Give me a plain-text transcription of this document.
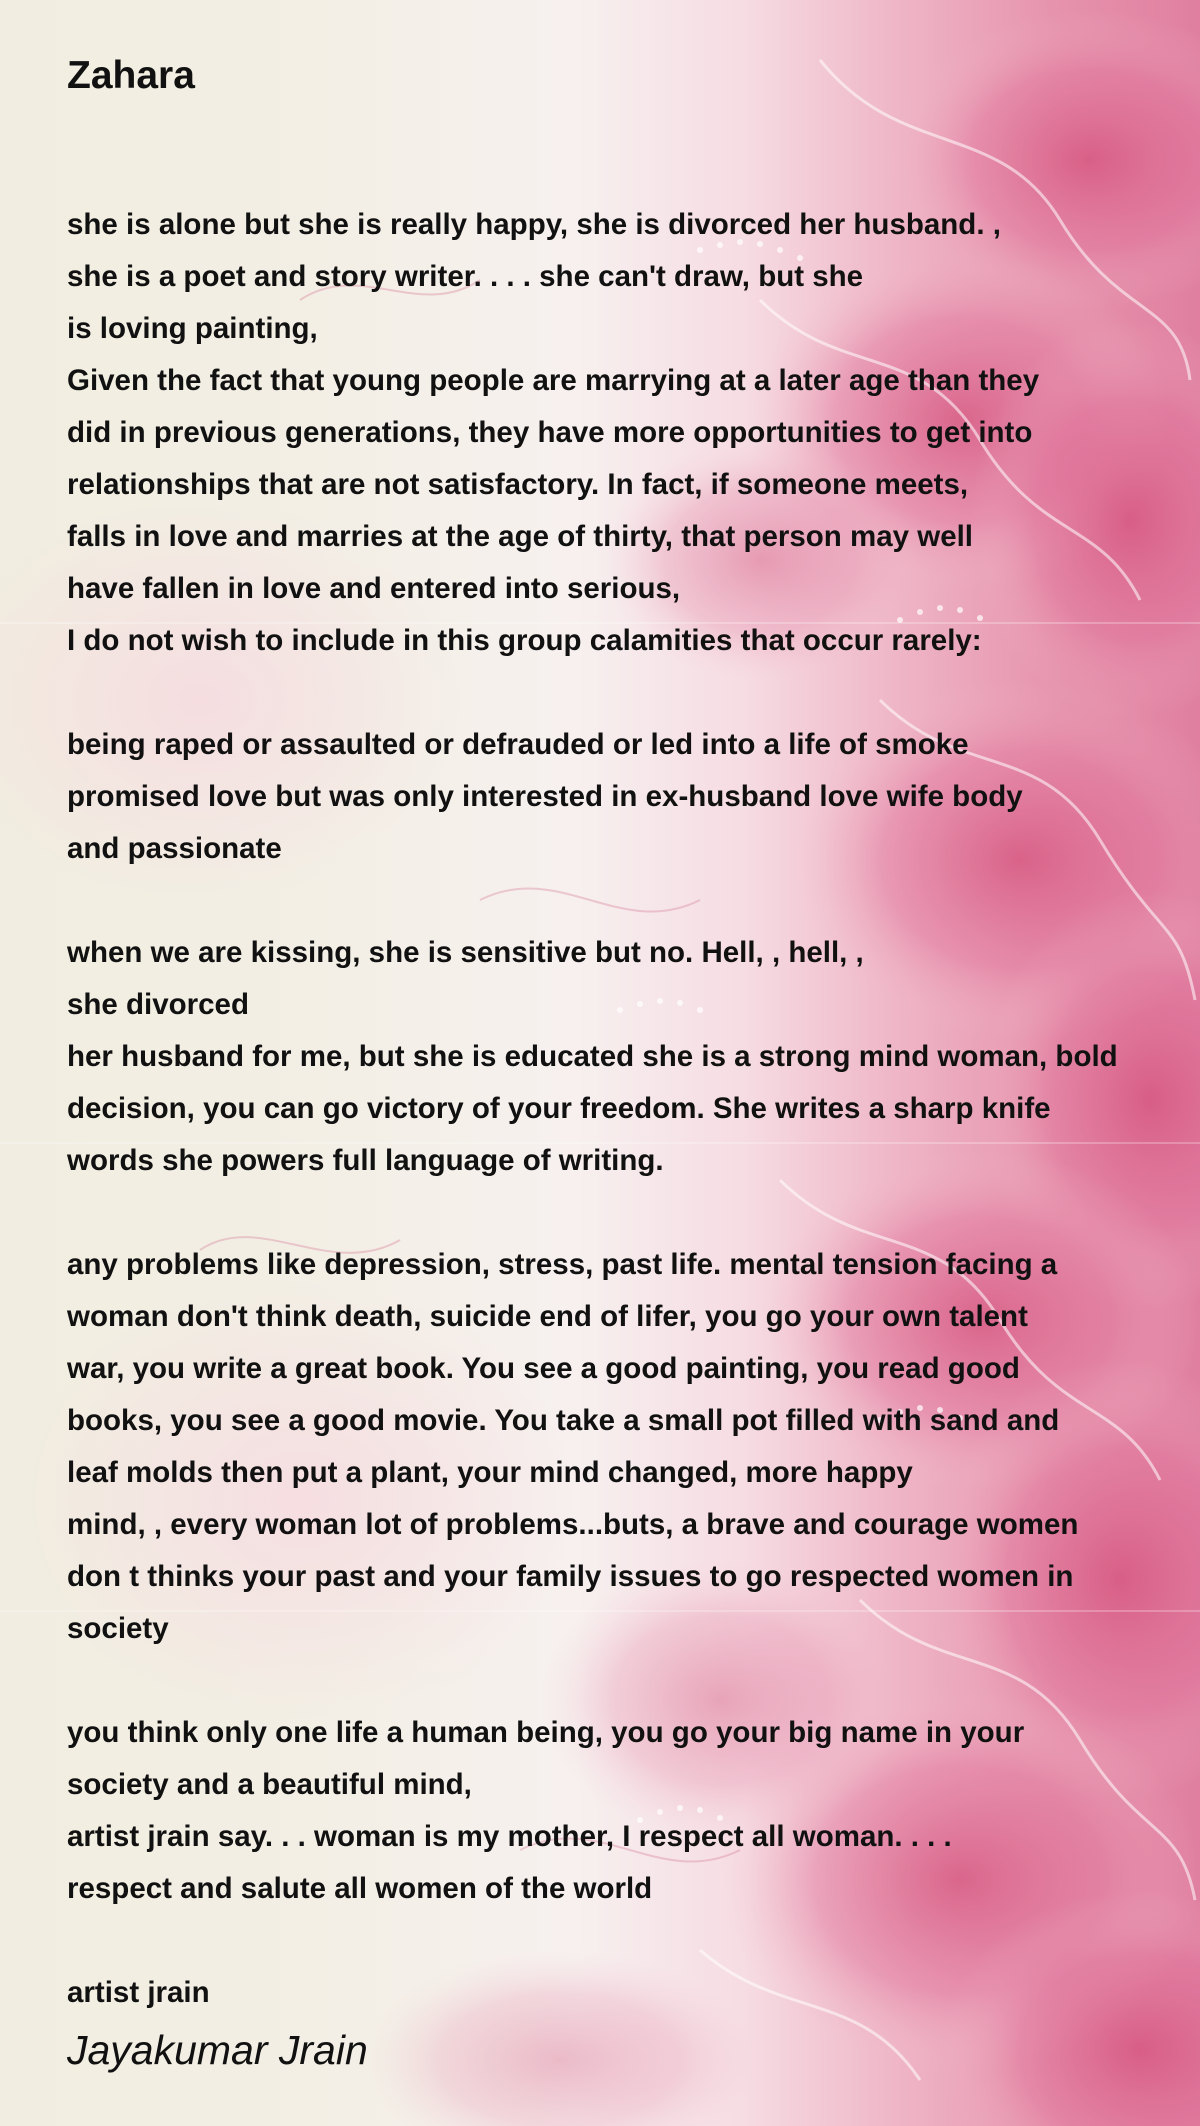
Zahara
she is alone but she is really happy, she is divorced her husband. ,
she is a poet and story writer. . . . she can't draw, but she
is loving painting,
Given the fact that young people are marrying at a later age than they
did in previous generations, they have more opportunities to get into
relationships that are not satisfactory. In fact, if someone meets,
falls in love and marries at the age of thirty, that person may well
have fallen in love and entered into serious,
I do not wish to include in this group calamities that occur rarely:
being raped or assaulted or defrauded or led into a life of smoke
promised love but was only interested in ex-husband love wife body
and passionate
when we are kissing, she is sensitive but no. Hell, , hell, ,
she divorced
her husband for me, but she is educated she is a strong mind woman, bold
decision, you can go victory of your freedom. She writes a sharp knife
words she powers full language of writing.
any problems like depression, stress, past life. mental tension facing a
woman don't think death, suicide end of lifer, you go your own talent
war, you write a great book. You see a good painting, you read good
books, you see a good movie. You take a small pot filled with sand and
leaf molds then put a plant, your mind changed, more happy
mind, , every woman lot of problems...buts, a brave and courage women
don t thinks your past and your family issues to go respected women in
society
you think only one life a human being, you go your big name in your
society and a beautiful mind,
artist jrain say. . . woman is my mother, I respect all woman. . . .
respect and salute all women of the world
artist jrain
Jayakumar Jrain
